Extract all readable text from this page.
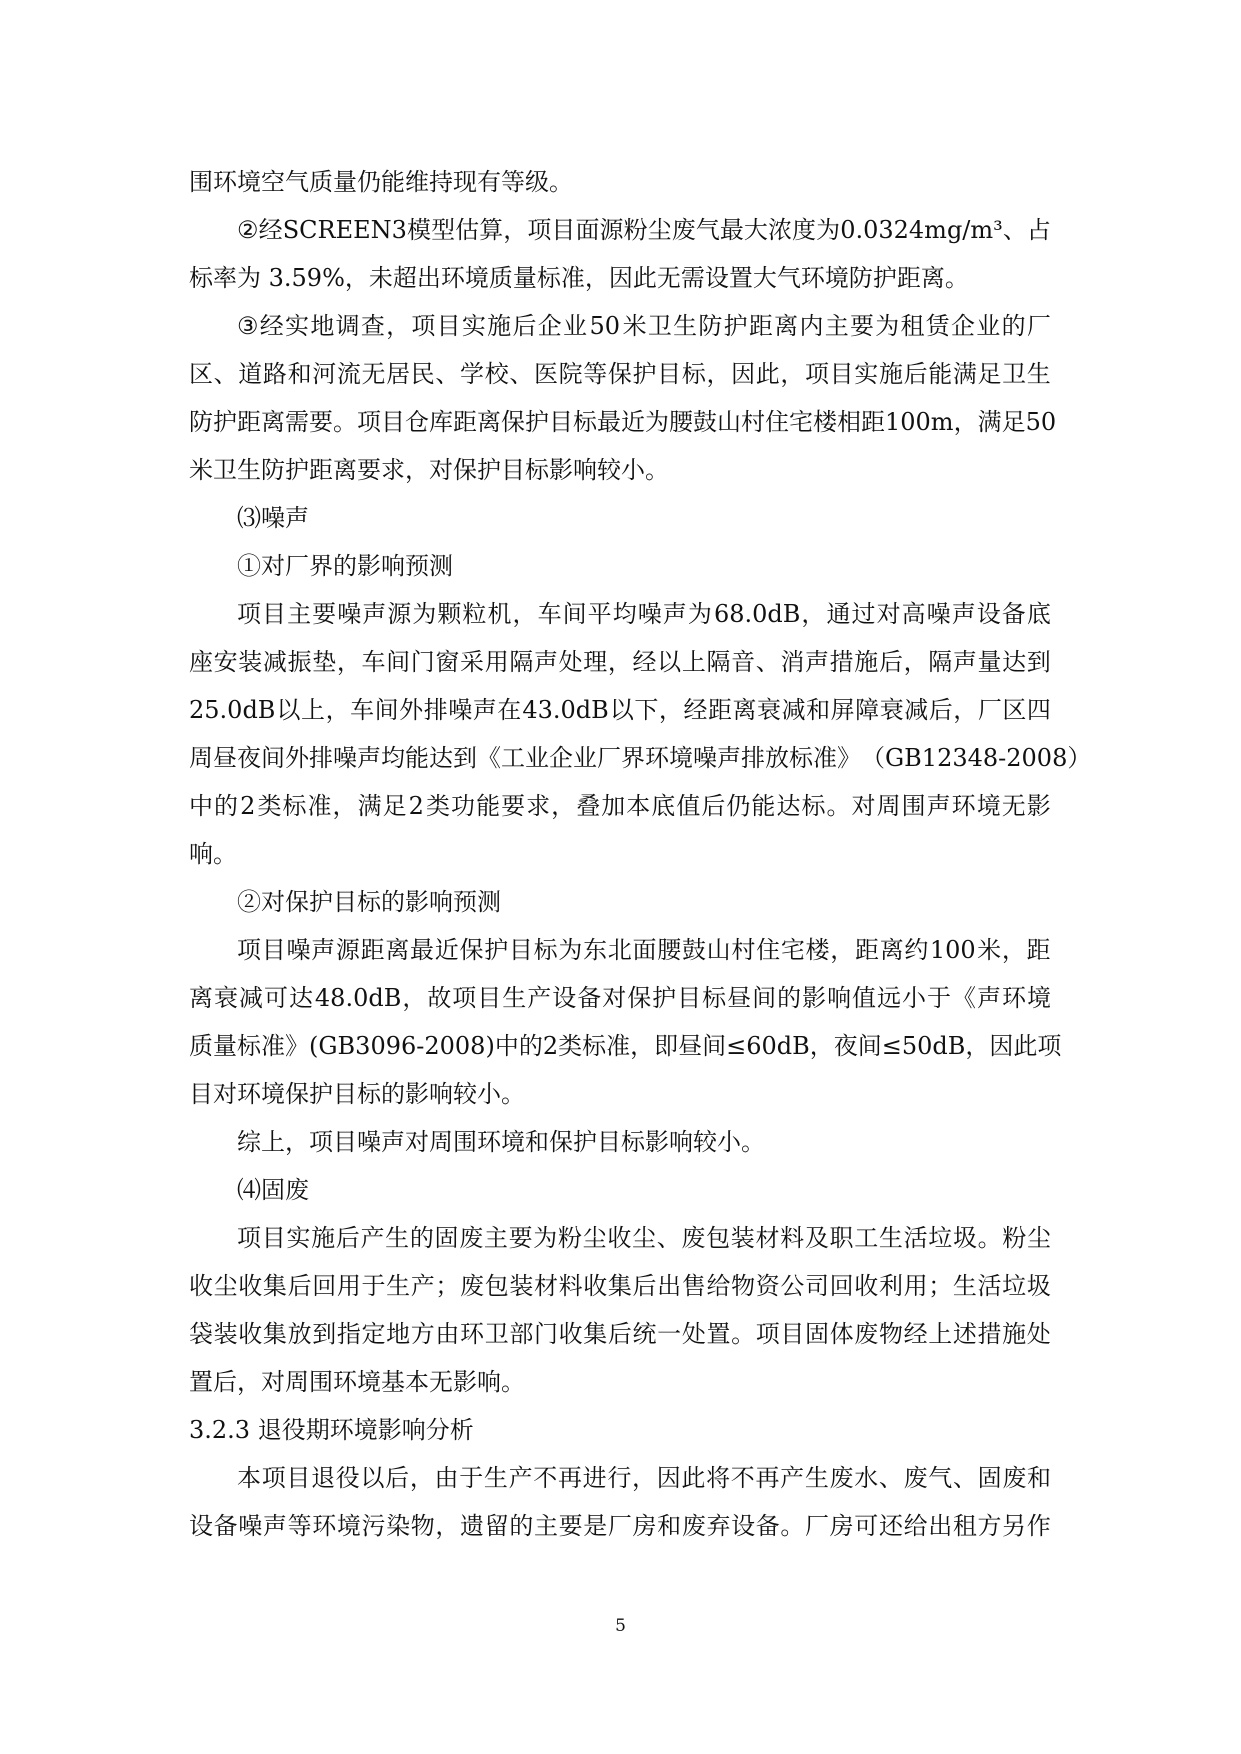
围环境空气质量仍能维持现有等级。
② 经 SCREEN3 模 型 估 算 ， 项 目 面 源 粉 尘 废 气 最 大 浓 度 为 0.0324mg/m³ 、 占
标率为 3.59%，未超出环境质量标准，因此无需设置大气环境防护距离。
③ 经 实 地 调 查 ， 项 目 实 施 后 企 业 50 米 卫 生 防 护 距 离 内 主 要 为 租 赁 企 业 的 厂
区 、 道 路 和 河 流 无 居 民 、 学 校 、 医 院 等 保 护 目 标 ， 因 此 ， 项 目 实 施 后 能 满 足 卫 生
防 护 距 离 需 要 。 项 目 仓 库 距 离 保 护 目 标 最 近 为 腰 鼓 山 村 住 宅 楼 相 距 100m ， 满 足 50
米卫生防护距离要求，对保护目标影响较小。
⑶噪声
①对厂界的影响预测
项 目 主 要 噪 声 源 为 颗 粒 机 ， 车 间 平 均 噪 声 为 68.0dB ， 通 过 对 高 噪 声 设 备 底
座 安 装 减 振 垫 ， 车 间 门 窗 采 用 隔 声 处 理 ， 经 以 上 隔 音 、 消 声 措 施 后 ， 隔 声 量 达 到
25.0dB 以 上 ， 车 间 外 排 噪 声 在 43.0dB 以 下 ， 经 距 离 衰 减 和 屏 障 衰 减 后 ， 厂 区 四
周 昼 夜 间 外 排 噪 声 均 能 达 到 《 工 业 企 业 厂 界 环 境 噪 声 排 放 标 准 》 （GB12348-2008）
中 的 2 类 标 准 ， 满 足 2 类 功 能 要 求 ， 叠 加 本 底 值 后 仍 能 达 标 。 对 周 围 声 环 境 无 影
响。
②对保护目标的影响预测
项 目 噪 声 源 距 离 最 近 保 护 目 标 为 东 北 面 腰 鼓 山 村 住 宅 楼 ， 距 离 约 100 米 ， 距
离 衰 减 可 达 48.0dB ， 故 项 目 生 产 设 备 对 保 护 目 标 昼 间 的 影 响 值 远 小 于 《 声 环 境
质 量 标 准 》 (GB3096-2008) 中 的 2 类 标 准 ， 即 昼 间 ≤60dB ， 夜 间 ≤50dB ， 因 此 项
目对环境保护目标的影响较小。
综上，项目噪声对周围环境和保护目标影响较小。
⑷固废
项 目 实 施 后 产 生 的 固 废 主 要 为 粉 尘 收 尘 、 废 包 装 材 料 及 职 工 生 活 垃 圾 。 粉 尘
收 尘 收 集 后 回 用 于 生 产 ； 废 包 装 材 料 收 集 后 出 售 给 物 资 公 司 回 收 利 用 ； 生 活 垃 圾
袋 装 收 集 放 到 指 定 地 方 由 环 卫 部 门 收 集 后 统 一 处 置 。 项 目 固 体 废 物 经 上 述 措 施 处
置后，对周围环境基本无影响。
3.2.3 退役期环境影响分析
本 项 目 退 役 以 后 ， 由 于 生 产 不 再 进 行 ， 因 此 将 不 再 产 生 废 水 、 废 气 、 固 废 和
设 备 噪 声 等 环 境 污 染 物 ， 遗 留 的 主 要 是 厂 房 和 废 弃 设 备 。 厂 房 可 还 给 出 租 方 另 作
5
